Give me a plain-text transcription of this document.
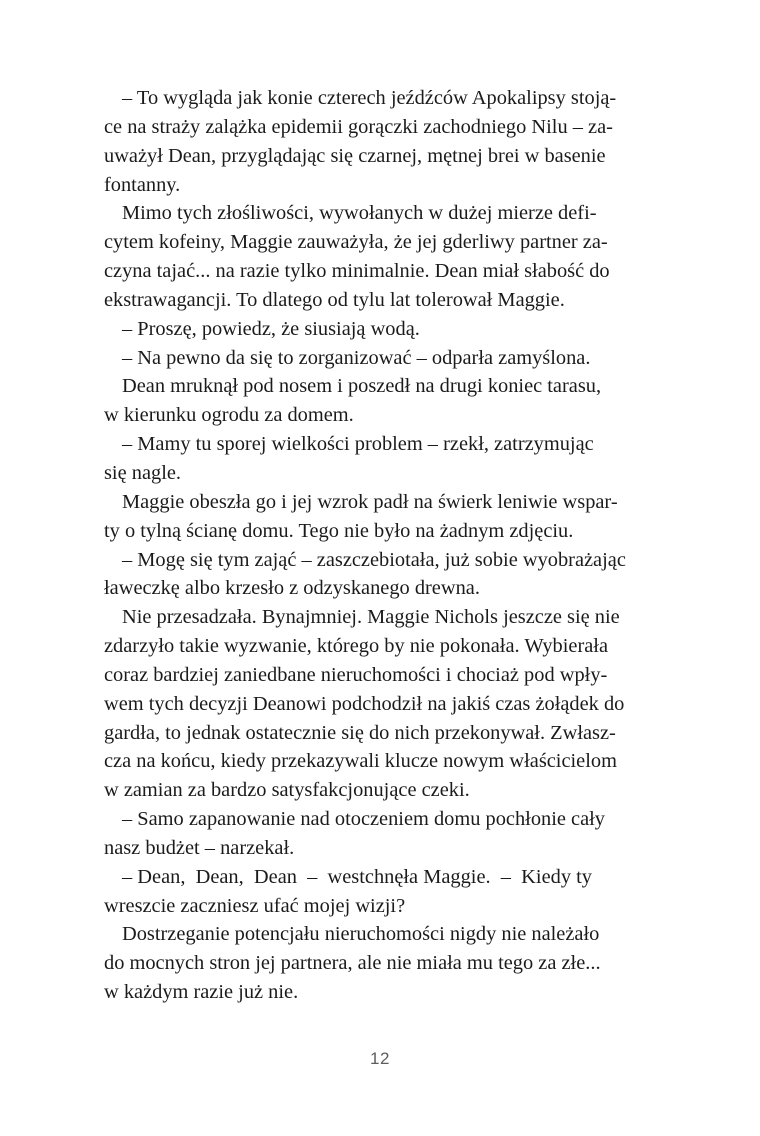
– To wygląda jak konie czterech jeźdźców Apokalipsy stoją-
ce na straży zalążka epidemii gorączki zachodniego Nilu – za-
uważył Dean, przyglądając się czarnej, mętnej brei w basenie
fontanny.
Mimo tych złośliwości, wywołanych w dużej mierze defi-
cytem kofeiny, Maggie zauważyła, że jej gderliwy partner za-
czyna tajać... na razie tylko minimalnie. Dean miał słabość do
ekstrawagancji. To dlatego od tylu lat tolerował Maggie.
– Proszę, powiedz, że siusiają wodą.
– Na pewno da się to zorganizować – odparła zamyślona.
Dean mruknął pod nosem i poszedł na drugi koniec tarasu,
w kierunku ogrodu za domem.
– Mamy tu sporej wielkości problem – rzekł, zatrzymując
się nagle.
Maggie obeszła go i jej wzrok padł na świerk leniwie wspar-
ty o tylną ścianę domu. Tego nie było na żadnym zdjęciu.
– Mogę się tym zająć – zaszczebiotała, już sobie wyobrażając
ławeczkę albo krzesło z odzyskanego drewna.
Nie przesadzała. Bynajmniej. Maggie Nichols jeszcze się nie
zdarzyło takie wyzwanie, którego by nie pokonała. Wybierała
coraz bardziej zaniedbane nieruchomości i chociaż pod wpły-
wem tych decyzji Deanowi podchodził na jakiś czas żołądek do
gardła, to jednak ostatecznie się do nich przekonywał. Zwłasz-
cza na końcu, kiedy przekazywali klucze nowym właścicielom
w zamian za bardzo satysfakcjonujące czeki.
– Samo zapanowanie nad otoczeniem domu pochłonie cały
nasz budżet – narzekał.
– Dean,  Dean,  Dean  –  westchnęła Maggie.  –  Kiedy ty
wreszcie zaczniesz ufać mojej wizji?
Dostrzeganie potencjału nieruchomości nigdy nie należało
do mocnych stron jej partnera, ale nie miała mu tego za złe...
w każdym razie już nie.
12
